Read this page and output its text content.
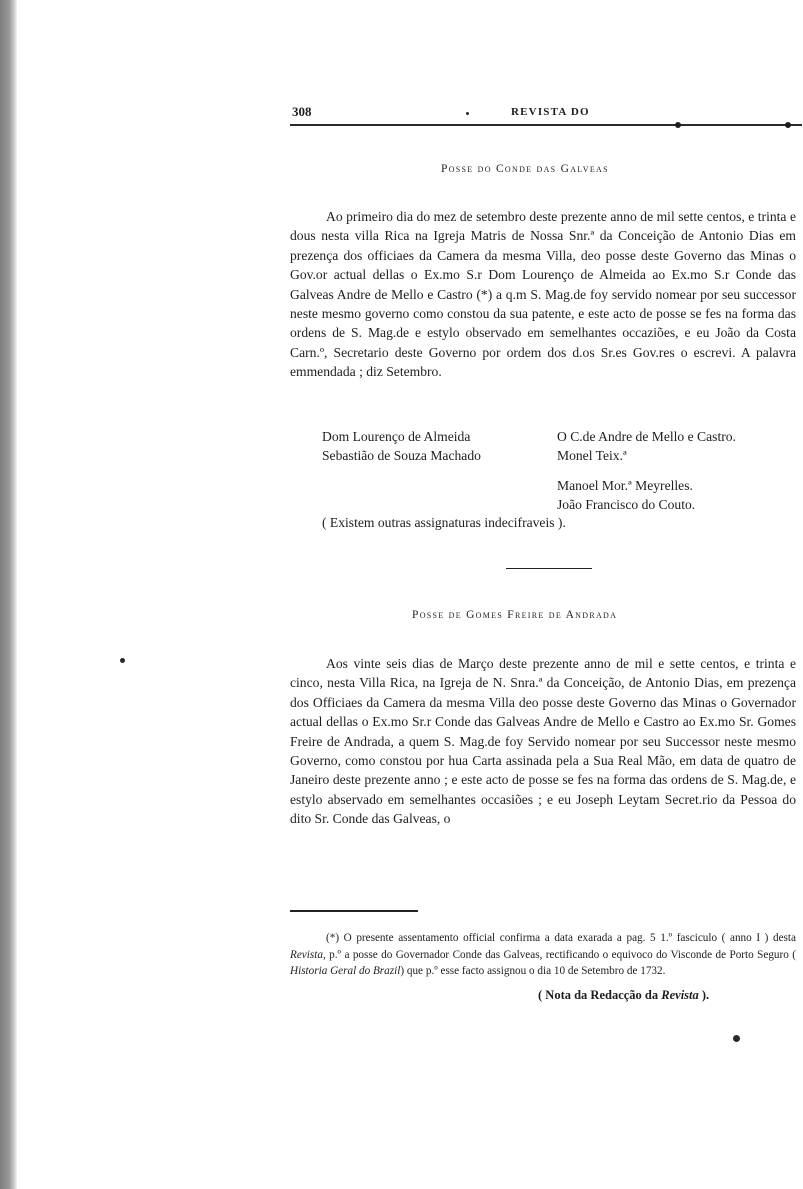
308	REVISTA DO
Posse do Conde das Galveas

Ao primeiro dia do mez de setembro deste prezente anno de mil sette centos, e trinta e dous nesta villa Rica na Igreja Matris de Nossa Snr.ª da Conceição de Antonio Dias em prezença dos officiaes da Camera da mesma Villa, deo posse deste Governo das Minas o Gov.or actual dellas o Ex.mo S.r Dom Lourenço de Almeida ao Ex.mo S.r Conde das Galveas Andre de Mello e Castro (*) a q.m S. Mag.de foy servido nomear por seu successor neste mesmo governo como constou da sua patente, e este acto de posse se fes na forma das ordens de S. Mag.de e estylo observado em semelhantes occaziões, e eu João da Costa Carn.º, Secretario deste Governo por ordem dos d.os Sr.es Gov.res o escrevi. A palavra emmendada ; diz Setembro.

Dom Lourenço de Almeida
Sebastião de Souza Machado
O C.de Andre de Mello e Castro.
Monel Teix.ª
Manoel Mor.ª Meyrelles.
João Francisco do Couto.
( Existem outras assignaturas indecifraveis ).
Posse de Gomes Freire de Andrada

Aos vinte seis dias de Março deste prezente anno de mil e sette centos, e trinta e cinco, nesta Villa Rica, na Igreja de N. Snra.ª da Conceição, de Antonio Dias, em prezença dos Officiaes da Camera da mesma Villa deo posse deste Governo das Minas o Governador actual dellas o Ex.mo Sr.r Conde das Galveas Andre de Mello e Castro ao Ex.mo Sr. Gomes Freire de Andrada, a quem S. Mag.de foy Servido nomear por seu Successor neste mesmo Governo, como constou por hua Carta assinada pela a Sua Real Mão, em data de quatro de Janeiro deste prezente anno ; e este acto de posse se fes na forma das ordens de S. Mag.de, e estylo abservado em semelhantes occasiões ; e eu Joseph Leytam Secret.rio da Pessoa do dito Sr. Conde das Galveas, o

(*) O presente assentamento official confirma a data exarada a pag. 5 1.º fasciculo ( anno I ) desta Revista, p.º a posse do Governador Conde das Galveas, rectificando o equivoco do Visconde de Porto Seguro ( Historia Geral do Brazil) que p.º esse facto assignou o dia 10 de Setembro de 1732.

( Nota da Redacção da Revista ).
